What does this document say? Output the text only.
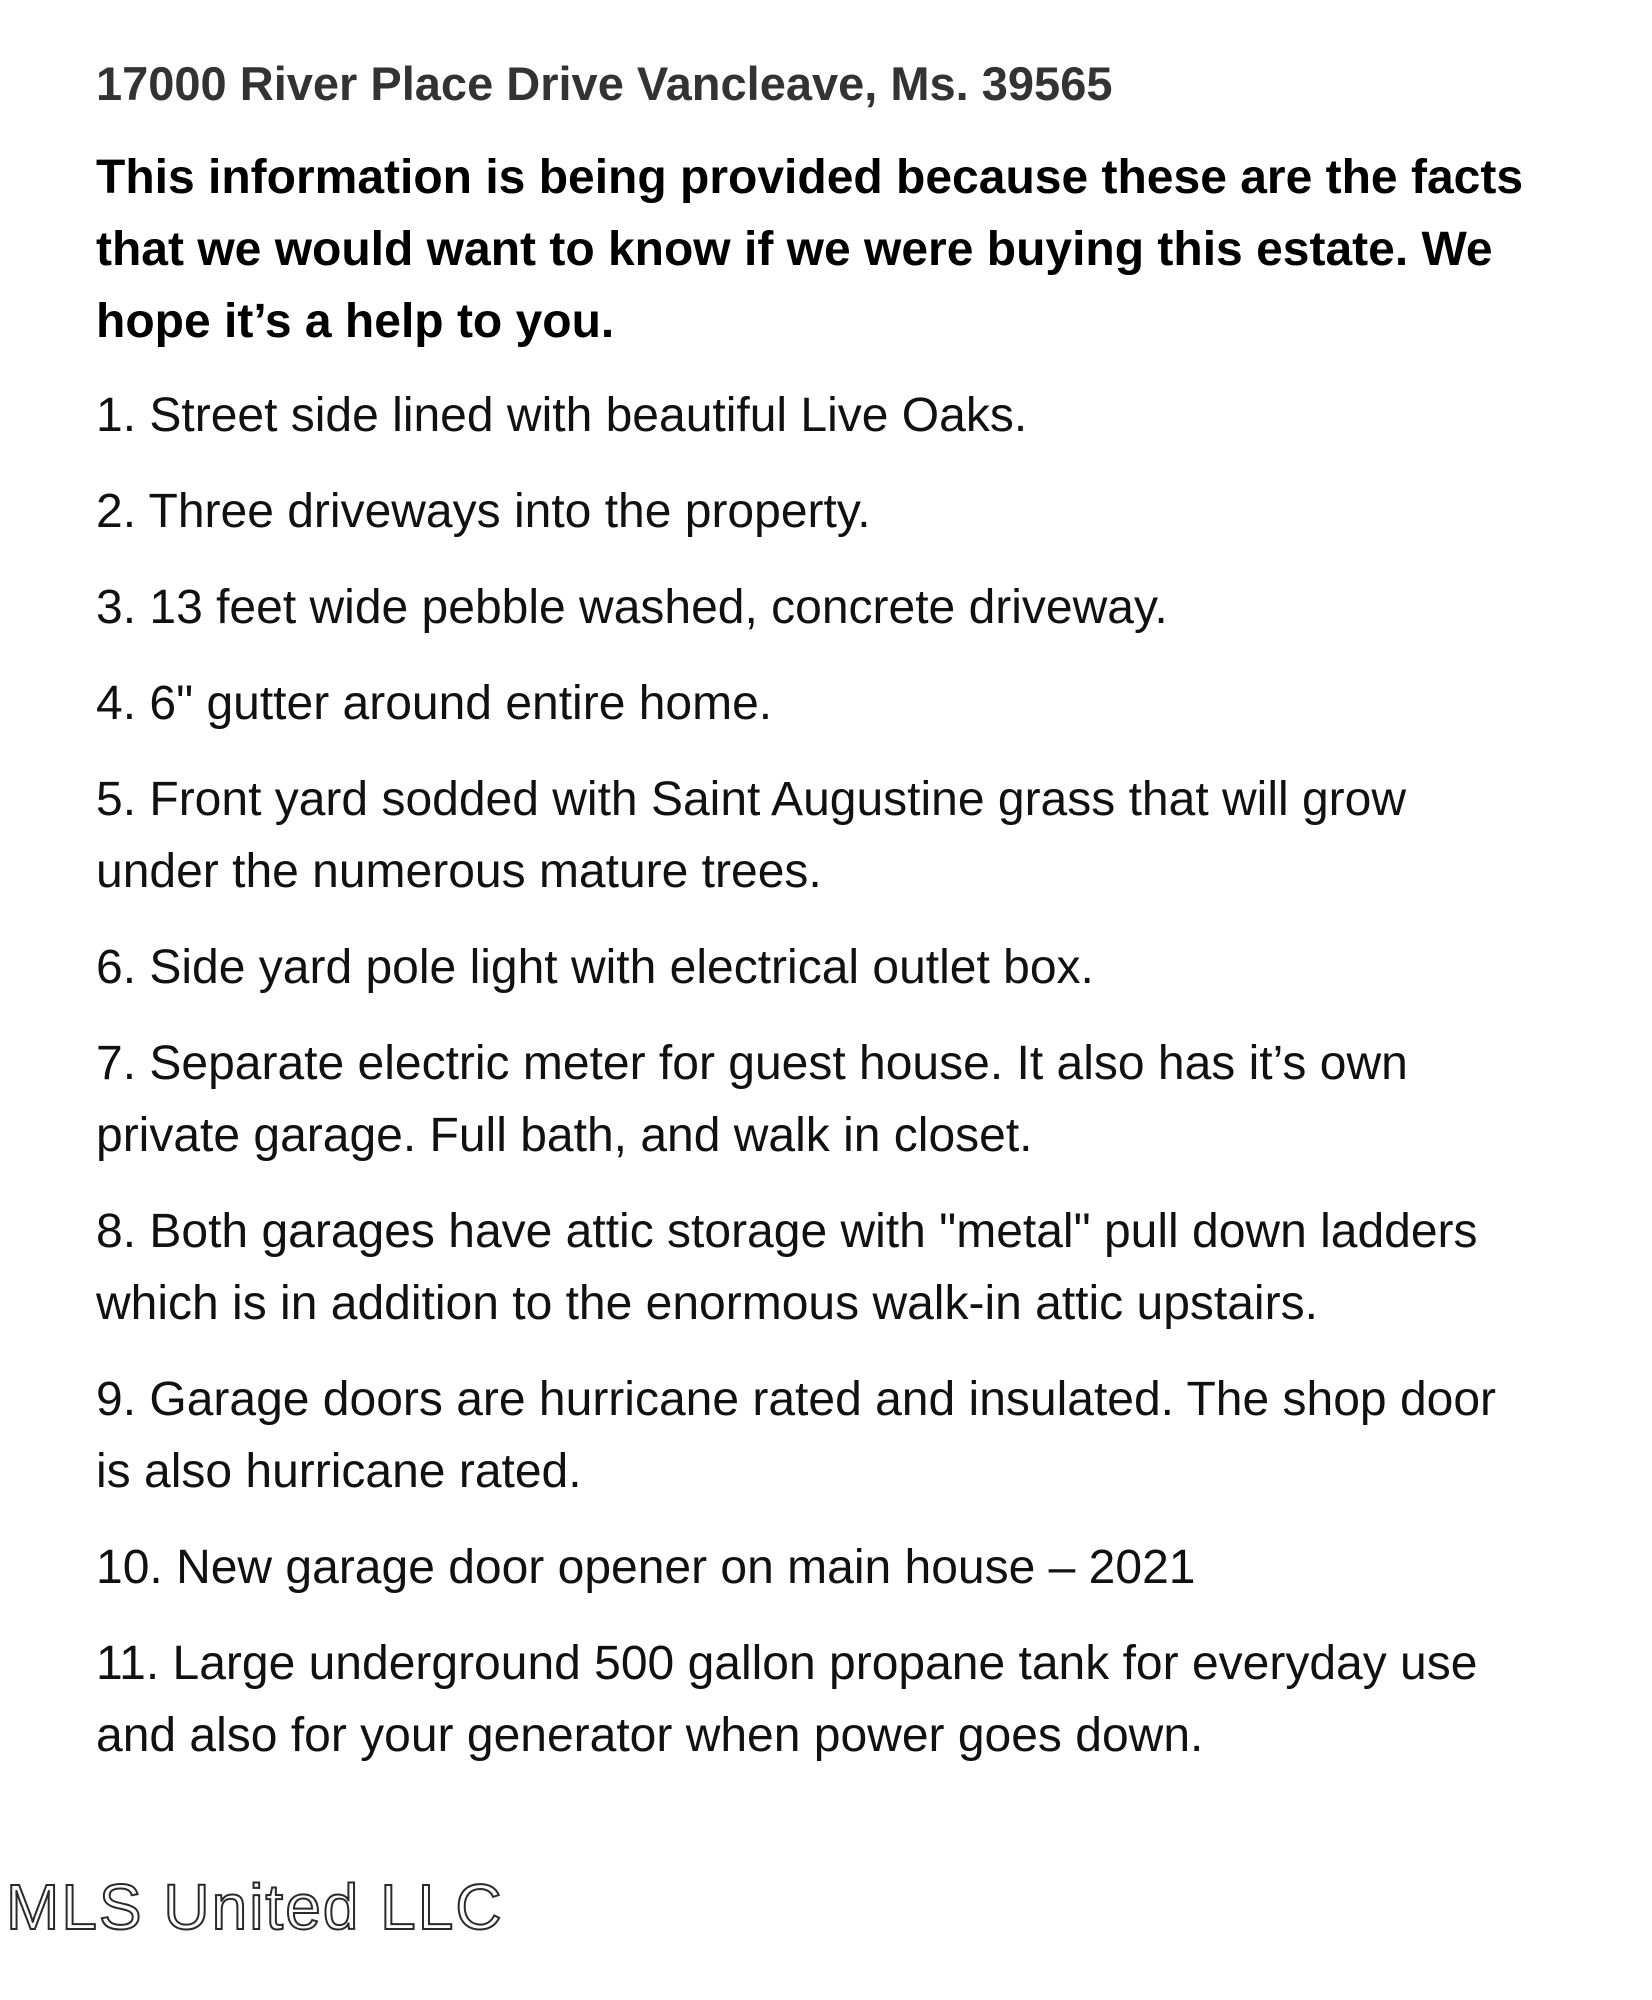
17000 River Place Drive Vancleave, Ms. 39565
This information is being provided because these are the facts that we would want to know if we were buying this estate. We hope it’s a help to you.
1. Street side lined with beautiful Live Oaks.
2. Three driveways into the property.
3. 13 feet wide pebble washed, concrete driveway.
4. 6" gutter around entire home.
5. Front yard sodded with Saint Augustine grass that will grow under the numerous mature trees.
6. Side yard pole light with electrical outlet box.
7. Separate electric meter for guest house. It also has it’s own private garage. Full bath, and walk in closet.
8. Both garages have attic storage with "metal" pull down ladders which is in addition to the enormous walk-in attic upstairs.
9. Garage doors are hurricane rated and insulated. The shop door is also hurricane rated.
10. New garage door opener on main house – 2021
11. Large underground 500 gallon propane tank for everyday use and also for your generator when power goes down.
MLS United LLC
